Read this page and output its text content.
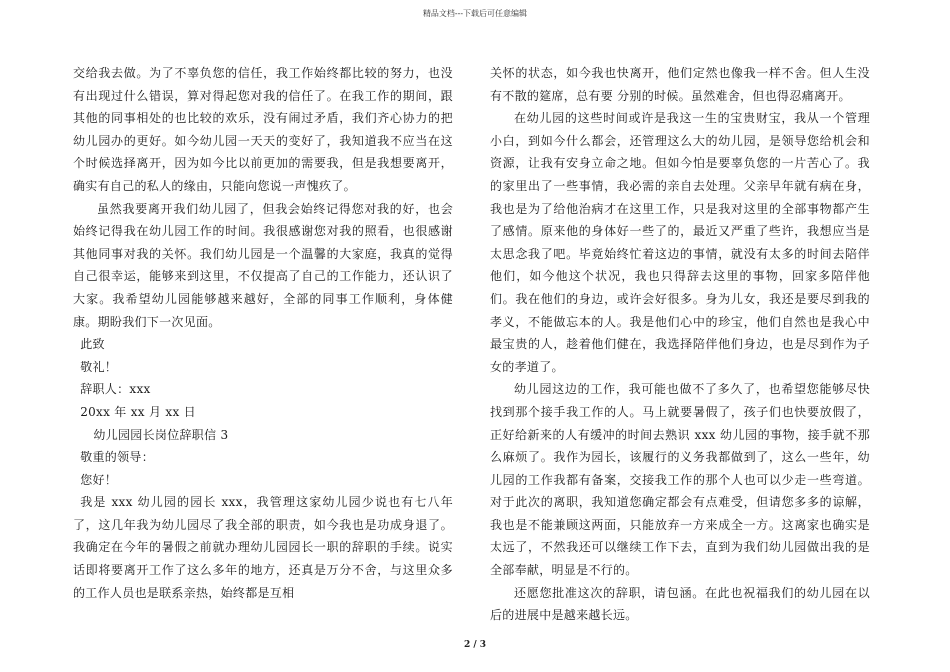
精品文档---下载后可任意编辑

交给我去做。为了不辜负您的信任，我工作始终都比较的努力，也没有出现过什么错误，算对得起您对我的信任了。在我工作的期间，跟其他的同事相处的也比较的欢乐，没有闹过矛盾，我们齐心协力的把幼儿园办的更好。如今幼儿园一天天的变好了，我知道我不应当在这个时候选择离开，因为如今比以前更加的需要我，但是我想要离开，确实有自己的私人的缘由，只能向您说一声愧疚了。

虽然我要离开我们幼儿园了，但我会始终记得您对我的好，也会始终记得我在幼儿园工作的时间。我很感谢您对我的照看，也很感谢其他同事对我的关怀。我们幼儿园是一个温馨的大家庭，我真的觉得自己很幸运，能够来到这里，不仅提高了自己的工作能力，还认识了大家。我希望幼儿园能够越来越好，全部的同事工作顺利，身体健康。期盼我们下一次见面。

此致

敬礼！

辞职人：xxx

20xx 年 xx 月 xx 日

幼儿园园长岗位辞职信 3

敬重的领导：

您好！

我是 xxx 幼儿园的园长 xxx，我管理这家幼儿园少说也有七八年了，这几年我为幼儿园尽了我全部的职责，如今我也是功成身退了。我确定在今年的暑假之前就办理幼儿园园长一职的辞职的手续。说实话即将要离开工作了这么多年的地方，还真是万分不舍，与这里众多的工作人员也是联系亲热，始终都是互相

关怀的状态，如今我也快离开，他们定然也像我一样不舍。但人生没有不散的筵席，总有要 分别的时候。虽然难舍，但也得忍痛离开。

在幼儿园的这些时间或许是我这一生的宝贵财宝，我从一个管理小白，到如今什么都会，还管理这么大的幼儿园，是领导您给机会和资源，让我有安身立命之地。但如今怕是要辜负您的一片苦心了。我的家里出了一些事情，我必需的亲自去处理。父亲早年就有病在身，我也是为了给他治病才在这里工作，只是我对这里的全部事物都产生了感情。原来他的身体好一些了的，最近又严重了些许，我想应当是太思念我了吧。毕竟始终忙着这边的事情，就没有太多的时间去陪伴他们，如今他这个状况，我也只得辞去这里的事物，回家多陪伴他们。我在他们的身边，或许会好很多。身为儿女，我还是要尽到我的孝义，不能做忘本的人。我是他们心中的珍宝，他们自然也是我心中最宝贵的人，趁着他们健在，我选择陪伴他们身边，也是尽到作为子女的孝道了。

幼儿园这边的工作，我可能也做不了多久了，也希望您能够尽快找到那个接手我工作的人。马上就要暑假了，孩子们也快要放假了，正好给新来的人有缓冲的时间去熟识 xxx 幼儿园的事物，接手就不那么麻烦了。我作为园长，该履行的义务我都做到了，这么一些年，幼儿园的工作我都有备案，交接我工作的那个人也可以少走一些弯道。对于此次的离职，我知道您确定都会有点难受，但请您多多的谅解，我也是不能兼顾这两面，只能放弃一方来成全一方。这离家也确实是太远了，不然我还可以继续工作下去，直到为我们幼儿园做出我的是全部奉献，明显是不行的。

还愿您批准这次的辞职，请包涵。在此也祝福我们的幼儿园在以后的进展中是越来越长远。

2 / 3
